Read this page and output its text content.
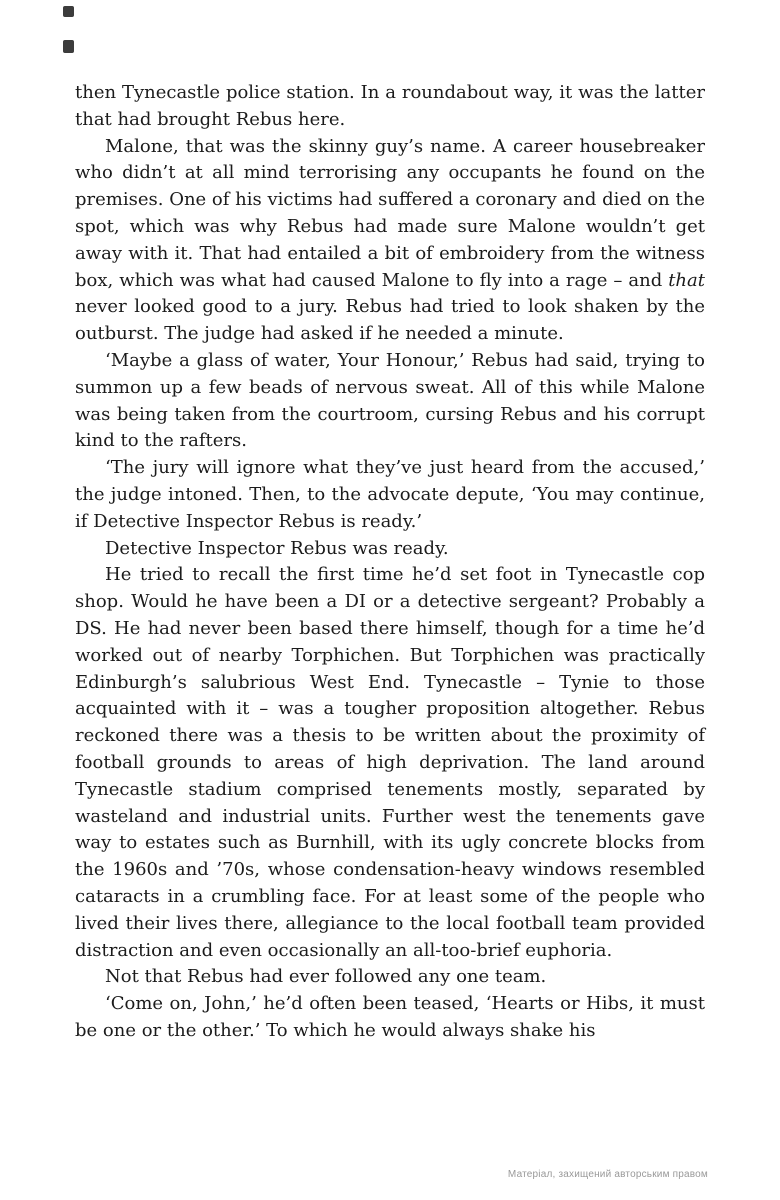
then Tynecastle police station. In a roundabout way, it was the latter that had brought Rebus here.

Malone, that was the skinny guy’s name. A career housebreaker who didn’t at all mind terrorising any occupants he found on the premises. One of his victims had suffered a coronary and died on the spot, which was why Rebus had made sure Malone wouldn’t get away with it. That had entailed a bit of embroidery from the witness box, which was what had caused Malone to fly into a rage – and that never looked good to a jury. Rebus had tried to look shaken by the outburst. The judge had asked if he needed a minute.

‘Maybe a glass of water, Your Honour,’ Rebus had said, trying to summon up a few beads of nervous sweat. All of this while Malone was being taken from the courtroom, cursing Rebus and his corrupt kind to the rafters.

‘The jury will ignore what they’ve just heard from the accused,’ the judge intoned. Then, to the advocate depute, ‘You may continue, if Detective Inspector Rebus is ready.’

Detective Inspector Rebus was ready.

He tried to recall the first time he’d set foot in Tynecastle cop shop. Would he have been a DI or a detective sergeant? Probably a DS. He had never been based there himself, though for a time he’d worked out of nearby Torphichen. But Torphichen was practically Edinburgh’s salubrious West End. Tynecastle – Tynie to those acquainted with it – was a tougher proposition altogether. Rebus reckoned there was a thesis to be written about the proximity of football grounds to areas of high deprivation. The land around Tynecastle stadium comprised tenements mostly, separated by wasteland and industrial units. Further west the tenements gave way to estates such as Burnhill, with its ugly concrete blocks from the 1960s and ’70s, whose condensation-heavy windows resembled cataracts in a crumbling face. For at least some of the people who lived their lives there, allegiance to the local football team provided distraction and even occasionally an all-too-brief euphoria.

Not that Rebus had ever followed any one team.

‘Come on, John,’ he’d often been teased, ‘Hearts or Hibs, it must be one or the other.’ To which he would always shake his

Матеріал, захищений авторським правом
